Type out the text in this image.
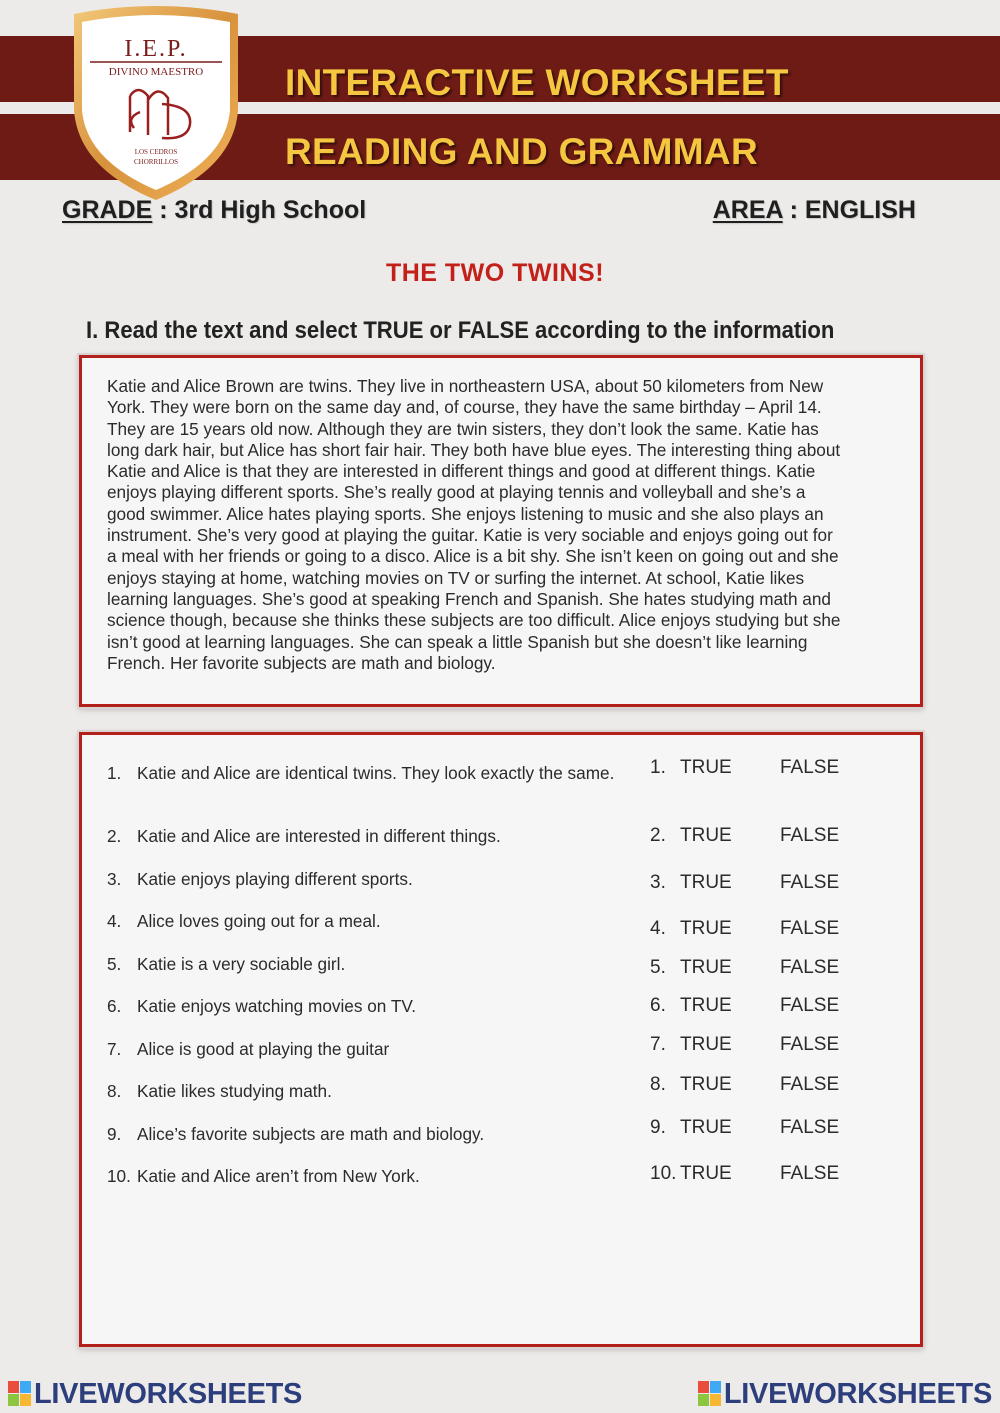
INTERACTIVE WORKSHEET
READING AND GRAMMAR
I.E.P.
DIVINO MAESTRO
LOS CEDROS
CHORRILLOS
GRADE : 3rd High School	AREA : ENGLISH
THE TWO TWINS!
I. Read the text and select TRUE or FALSE according to the information
Katie and Alice Brown are twins. They live in northeastern USA, about 50 kilometers from New
York. They were born on the same day and, of course, they have the same birthday – April 14.
They are 15 years old now. Although they are twin sisters, they don’t look the same. Katie has
long dark hair, but Alice has short fair hair. They both have blue eyes. The interesting thing about
Katie and Alice is that they are interested in different things and good at different things. Katie
enjoys playing different sports. She’s really good at playing tennis and volleyball and she’s a
good swimmer. Alice hates playing sports. She enjoys listening to music and she also plays an
instrument. She’s very good at playing the guitar. Katie is very sociable and enjoys going out for
a meal with her friends or going to a disco. Alice is a bit shy. She isn’t keen on going out and she
enjoys staying at home, watching movies on TV or surfing the internet. At school, Katie likes
learning languages. She’s good at speaking French and Spanish. She hates studying math and
science though, because she thinks these subjects are too difficult. Alice enjoys studying but she
isn’t good at learning languages. She can speak a little Spanish but she doesn’t like learning
French. Her favorite subjects are math and biology.
1. Katie and Alice are identical twins. They look exactly the same.
2. Katie and Alice are interested in different things.
3. Katie enjoys playing different sports.
4. Alice loves going out for a meal.
5. Katie is a very sociable girl.
6. Katie enjoys watching movies on TV.
7. Alice is good at playing the guitar
8. Katie likes studying math.
9. Alice’s favorite subjects are math and biology.
10. Katie and Alice aren’t from New York.
1. TRUE	FALSE
2. TRUE	FALSE
3. TRUE	FALSE
4. TRUE	FALSE
5. TRUE	FALSE
6. TRUE	FALSE
7. TRUE	FALSE
8. TRUE	FALSE
9. TRUE	FALSE
10. TRUE	FALSE
LIVEWORKSHEETS	LIVEWORKSHEETS
